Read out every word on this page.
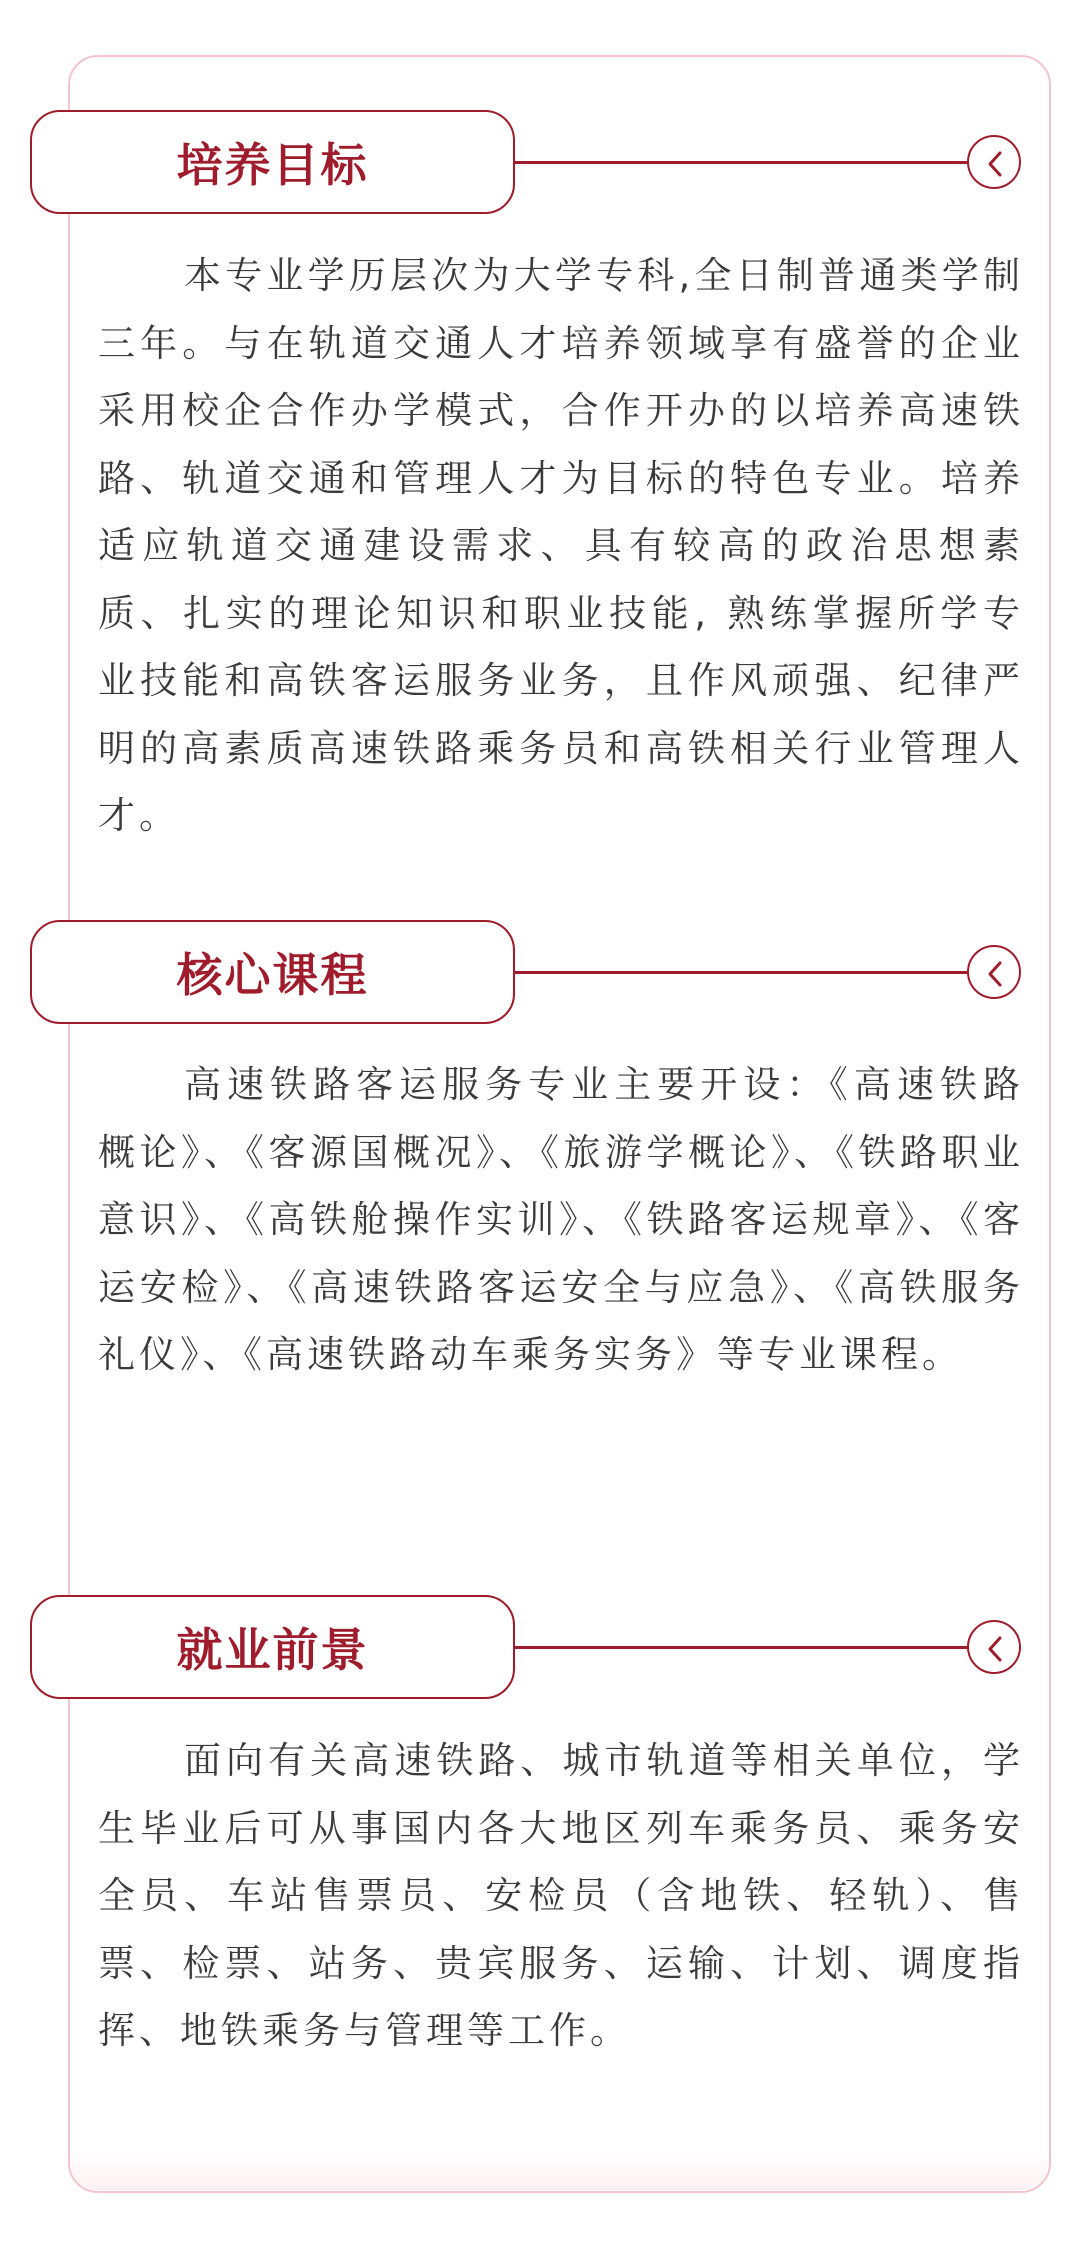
培养目标

本专业学历层次为大学专科,全日制普通类学制三年。与在轨道交通人才培养领域享有盛誉的企业采用校企合作办学模式，合作开办的以培养高速铁路、轨道交通和管理人才为目标的特色专业。培养适应轨道交通建设需求、具有较高的政治思想素质、扎实的理论知识和职业技能, 熟练掌握所学专业技能和高铁客运服务业务，且作风顽强、纪律严明的高素质高速铁路乘务员和高铁相关行业管理人才。

核心课程

高速铁路客运服务专业主要开设：《高速铁路概论》、《客源国概况》、《旅游学概论》、《铁路职业意识》、《高铁舱操作实训》、《铁路客运规章》、《客运安检》、《高速铁路客运安全与应急》、《高铁服务礼仪》、《高速铁路动车乘务实务》等专业课程。

就业前景

面向有关高速铁路、城市轨道等相关单位，学生毕业后可从事国内各大地区列车乘务员、乘务安全员、车站售票员、安检员（含地铁、轻轨）、售票、检票、站务、贵宾服务、运输、计划、调度指挥、地铁乘务与管理等工作。
